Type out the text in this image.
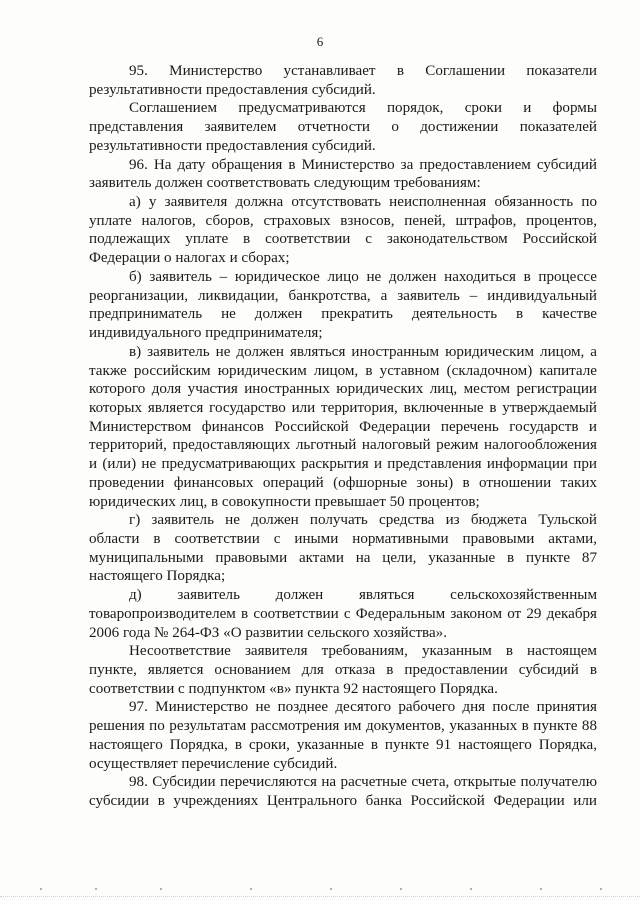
6
95. Министерство устанавливает в Соглашении показатели
результативности предоставления субсидий.
Соглашением предусматриваются порядок, сроки и формы
представления заявителем отчетности о достижении показателей
результативности предоставления субсидий.
96. На дату обращения в Министерство за предоставлением субсидий
заявитель должен соответствовать следующим требованиям:
а) у заявителя должна отсутствовать неисполненная обязанность по
уплате налогов, сборов, страховых взносов, пеней, штрафов, процентов,
подлежащих уплате в соответствии с законодательством Российской
Федерации о налогах и сборах;
б) заявитель – юридическое лицо не должен находиться в процессе
реорганизации, ликвидации, банкротства, а заявитель – индивидуальный
предприниматель не должен прекратить деятельность в качестве
индивидуального предпринимателя;
в) заявитель не должен являться иностранным юридическим лицом, а
также российским юридическим лицом, в уставном (складочном) капитале
которого доля участия иностранных юридических лиц, местом регистрации
которых является государство или территория, включенные в утверждаемый
Министерством финансов Российской Федерации перечень государств и
территорий, предоставляющих льготный налоговый режим налогообложения
и (или) не предусматривающих раскрытия и представления информации при
проведении финансовых операций (офшорные зоны) в отношении таких
юридических лиц, в совокупности превышает 50 процентов;
г) заявитель не должен получать средства из бюджета Тульской
области в соответствии с иными нормативными правовыми актами,
муниципальными правовыми актами на цели, указанные в пункте 87
настоящего Порядка;
д) заявитель должен являться сельскохозяйственным
товаропроизводителем в соответствии с Федеральным законом от 29 декабря
2006 года № 264-ФЗ «О развитии сельского хозяйства».
Несоответствие заявителя требованиям, указанным в настоящем
пункте, является основанием для отказа в предоставлении субсидий в
соответствии с подпунктом «в» пункта 92 настоящего Порядка.
97. Министерство не позднее десятого рабочего дня после принятия
решения по результатам рассмотрения им документов, указанных в пункте 88
настоящего Порядка, в сроки, указанные в пункте 91 настоящего Порядка,
осуществляет перечисление субсидий.
98. Субсидии перечисляются на расчетные счета, открытые получателю
субсидии в учреждениях Центрального банка Российской Федерации или
